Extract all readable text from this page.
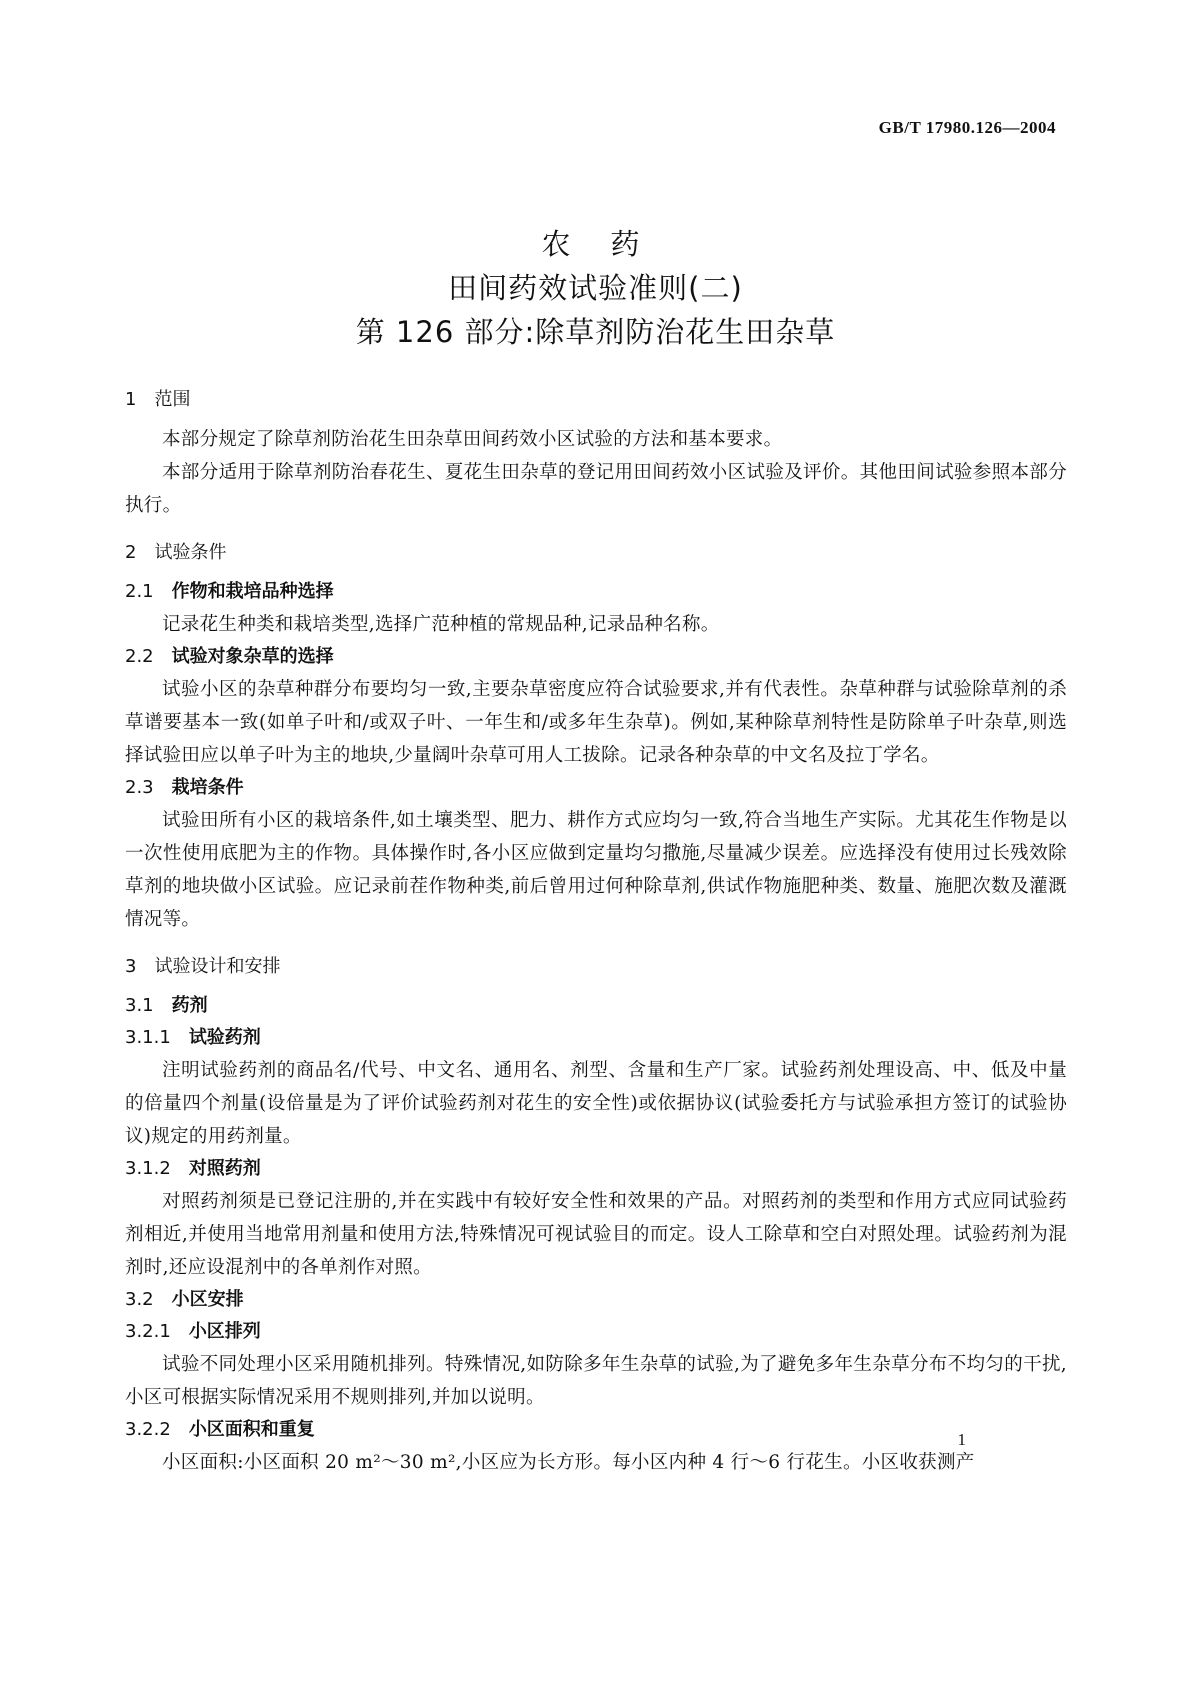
GB/T 17980.126—2004
农药
田间药效试验准则(二)
第 126 部分:除草剂防治花生田杂草
1 范围

本部分规定了除草剂防治花生田杂草田间药效小区试验的方法和基本要求。

本部分适用于除草剂防治春花生、夏花生田杂草的登记用田间药效小区试验及评价。其他田间试验参照本部分执行。

2 试验条件
2.1 作物和栽培品种选择

记录花生种类和栽培类型,选择广范种植的常规品种,记录品种名称。

2.2 试验对象杂草的选择

试验小区的杂草种群分布要均匀一致,主要杂草密度应符合试验要求,并有代表性。杂草种群与试验除草剂的杀草谱要基本一致(如单子叶和/或双子叶、一年生和/或多年生杂草)。例如,某种除草剂特性是防除单子叶杂草,则选择试验田应以单子叶为主的地块,少量阔叶杂草可用人工拔除。记录各种杂草的中文名及拉丁学名。

2.3 栽培条件

试验田所有小区的栽培条件,如土壤类型、肥力、耕作方式应均匀一致,符合当地生产实际。尤其花生作物是以一次性使用底肥为主的作物。具体操作时,各小区应做到定量均匀撒施,尽量减少误差。应选择没有使用过长残效除草剂的地块做小区试验。应记录前茬作物种类,前后曾用过何种除草剂,供试作物施肥种类、数量、施肥次数及灌溉情况等。

3 试验设计和安排
3.1 药剂
3.1.1 试验药剂

注明试验药剂的商品名/代号、中文名、通用名、剂型、含量和生产厂家。试验药剂处理设高、中、低及中量的倍量四个剂量(设倍量是为了评价试验药剂对花生的安全性)或依据协议(试验委托方与试验承担方签订的试验协议)规定的用药剂量。

3.1.2 对照药剂

对照药剂须是已登记注册的,并在实践中有较好安全性和效果的产品。对照药剂的类型和作用方式应同试验药剂相近,并使用当地常用剂量和使用方法,特殊情况可视试验目的而定。设人工除草和空白对照处理。试验药剂为混剂时,还应设混剂中的各单剂作对照。

3.2 小区安排
3.2.1 小区排列

试验不同处理小区采用随机排列。特殊情况,如防除多年生杂草的试验,为了避免多年生杂草分布不均匀的干扰,小区可根据实际情况采用不规则排列,并加以说明。

3.2.2 小区面积和重复

小区面积:小区面积 20 m²～30 m²,小区应为长方形。每小区内种 4 行～6 行花生。小区收获测产

1
